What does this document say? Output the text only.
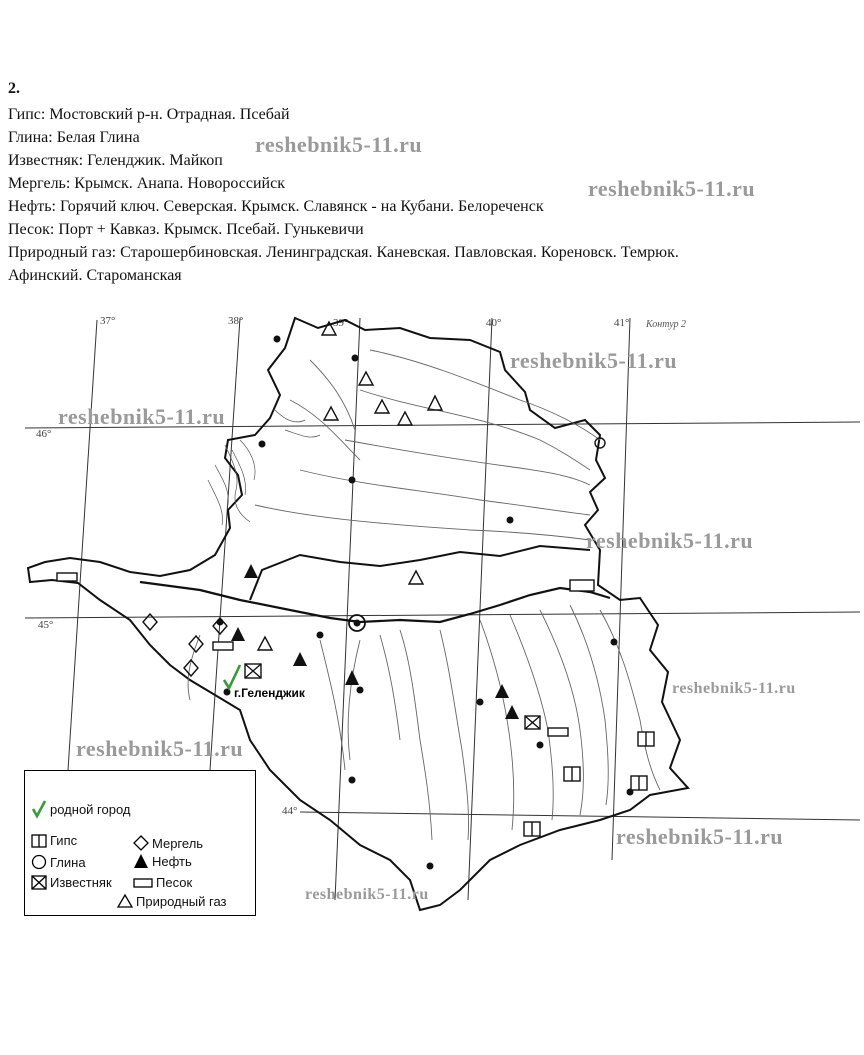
2.
Гипс: Мостовский р-н. Отрадная. Псебай
Глина: Белая Глина
Известняк: Геленджик. Майкоп
Мергель: Крымск. Анапа. Новороссийск
Нефть: Горячий ключ. Северская. Крымск. Славянск - на Кубани. Белореченск
Песок: Порт + Кавказ. Крымск. Псебай. Гунькевичи
Природный газ: Старошербиновская. Ленинградская. Каневская. Павловская. Кореновск. Темрюк.
Афинский. Староманская
37°	38°	39°	40°	41° Контур 2
46°
45°
44°
г.Геленджик
reshebnik5-11.ru
reshebnik5-11.ru
reshebnik5-11.ru
reshebnik5-11.ru
reshebnik5-11.ru
reshebnik5-11.ru
reshebnik5-11.ru
reshebnik5-11.ru
reshebnik5-11.ru
родной город
Гипс	Мергель
Глина	Нефть
Известняк	Песок
Природный газ
